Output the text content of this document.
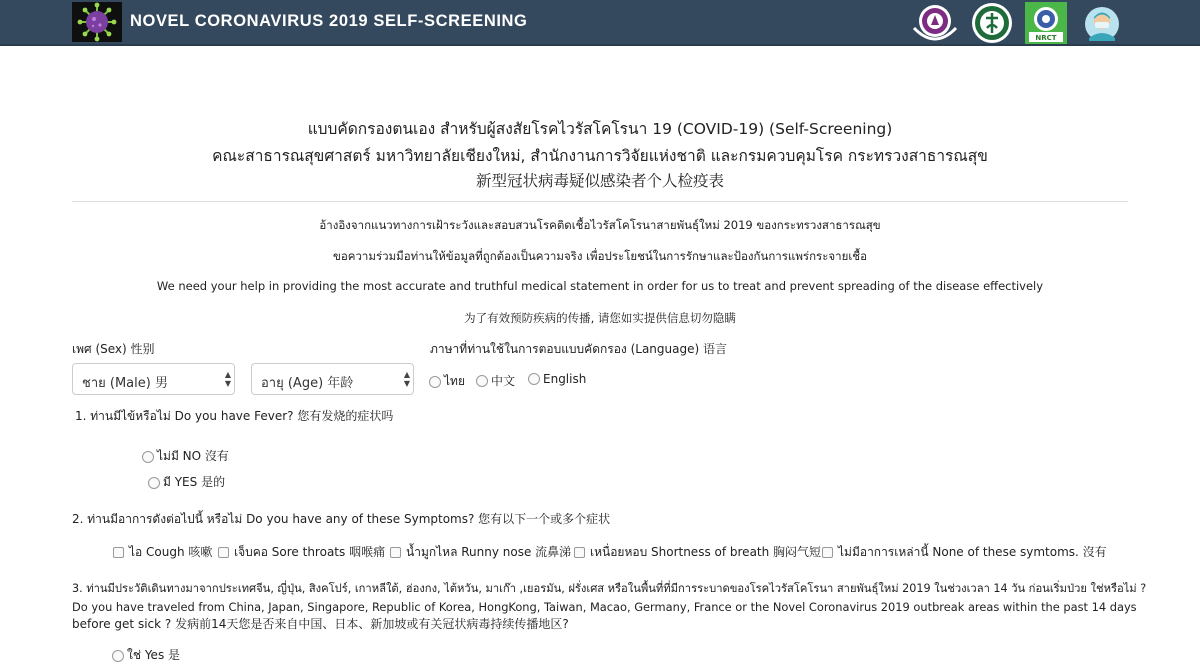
NOVEL CORONAVIRUS 2019 SELF-SCREENING
NRCT
แบบคัดกรองตนเอง สำหรับผู้สงสัยโรคไวรัสโคโรนา 19 (COVID-19) (Self-Screening)
คณะสาธารณสุขศาสตร์ มหาวิทยาลัยเชียงใหม่, สำนักงานการวิจัยแห่งชาติ และกรมควบคุมโรค กระทรวงสาธารณสุข
新型冠状病毒疑似感染者个人检疫表
อ้างอิงจากแนวทางการเฝ้าระวังและสอบสวนโรคติดเชื้อไวรัสโคโรนาสายพันธุ์ใหม่ 2019 ของกระทรวงสาธารณสุข
ขอความร่วมมือท่านให้ข้อมูลที่ถูกต้องเป็นความจริง เพื่อประโยชน์ในการรักษาและป้องกันการแพร่กระจายเชื้อ
We need your help in providing the most accurate and truthful medical statement in order for us to treat and prevent spreading of the disease effectively
为了有效预防疾病的传播, 请您如实提供信息切勿隐瞒
เพศ (Sex) 性别
ชาย (Male) 男
▲
▼	อายุ (Age) 年龄
▲
▼
ภาษาที่ท่านใช้ในการตอบแบบคัดกรอง (Language) 语言
ไทย 中文 English
1. ท่านมีไข้หรือไม่ Do you have Fever? 您有发烧的症状吗
ไม่มี NO 沒有
มี YES 是的
2. ท่านมีอาการดังต่อไปนี้ หรือไม่ Do you have any of these Symptoms? 您有以下一个或多个症状
ไอ Cough 咳嗽 เจ็บคอ Sore throats 咽喉痛 น้ำมูกไหล Runny nose 流鼻涕 เหนื่อยหอบ Shortness of breath 胸闷气短 ไม่มีอาการเหล่านี้ None of these symtoms. 沒有
3. ท่านมีประวัติเดินทางมาจากประเทศจีน, ญี่ปุ่น, สิงคโปร์, เกาหลีใต้, ฮ่องกง, ไต้หวัน, มาเก๊า ,เยอรมัน, ฝรั่งเศส หรือในพื้นที่ที่มีการระบาดของโรคไวรัสโคโรนา สายพันธุ์ใหม่ 2019 ในช่วงเวลา 14 วัน ก่อนเริ่มป่วย ใช่หรือไม่ ?
Do you have traveled from China, Japan, Singapore, Republic of Korea, HongKong, Taiwan, Macao, Germany, France or the Novel Coronavirus 2019 outbreak areas within the past 14 days
before get sick ? 发病前14天您是否来自中国、日本、新加坡或有关冠状病毒持续传播地区?
ใช่ Yes 是
